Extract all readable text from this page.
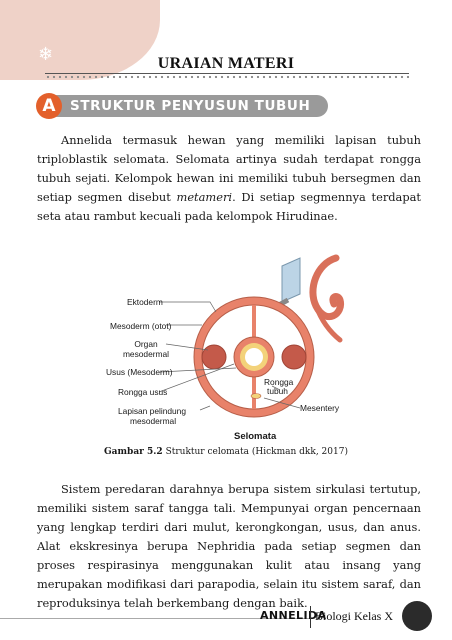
❄	URAIAN MATERI
A	STRUKTUR PENYUSUN TUBUH

Annelida termasuk hewan yang memiliki lapisan tubuh triploblastik selomata. Selomata artinya sudah terdapat rongga tubuh sejati. Kelompok hewan ini memiliki tubuh bersegmen dan setiap segmen disebut metameri. Di setiap segmennya terdapat seta atau rambut kecuali pada kelompok Hirudinae.

Ektoderm
Mesoderm (otot)
Organ
mesodermal
Usus (Mesoderm)
Rongga usus
Lapisan pelindung
mesodermal
Rongga
tubuh
Mesentery
Selomata
Gambar 5.2 Struktur celomata (Hickman dkk, 2017)

Sistem peredaran darahnya berupa sistem sirkulasi tertutup, memiliki sistem saraf tangga tali. Mempunyai organ pencernaan yang lengkap terdiri dari mulut, kerongkongan, usus, dan anus. Alat ekskresinya berupa Nephridia pada setiap segmen dan proses respirasinya menggunakan kulit atau insang yang merupakan modifikasi dari parapodia, selain itu sistem saraf, dan reproduksinya telah berkembang dengan baik.

ANNELIDA
Biologi Kelas X
